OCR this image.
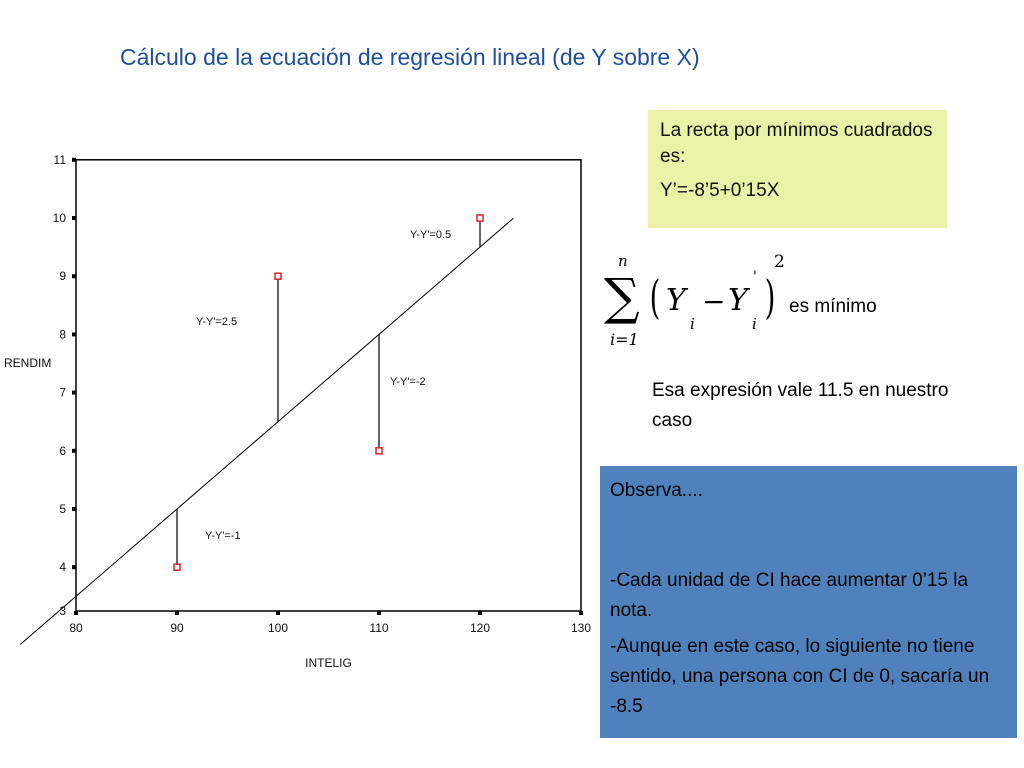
Cálculo de la ecuación de regresión lineal (de Y sobre X)
3
4
5
6
7
8
9
10
11
80	90	100	110	120	130
INTELIG
RENDIM
Y-Y'=-1
Y-Y'=2.5
Y-Y'=-2
Y-Y'=0.5

La recta por mínimos cuadrados es:

Y’=-8’5+0’15X

2
n
∑
i=1
( Y
i
− Y
'
i ) es mínimo
Esa expresión vale 11.5 en nuestro caso

Observa....

-Cada unidad de CI hace aumentar 0’15 la nota.

-Aunque en este caso, lo siguiente no tiene sentido, una persona con CI de 0, sacaría un -8.5
